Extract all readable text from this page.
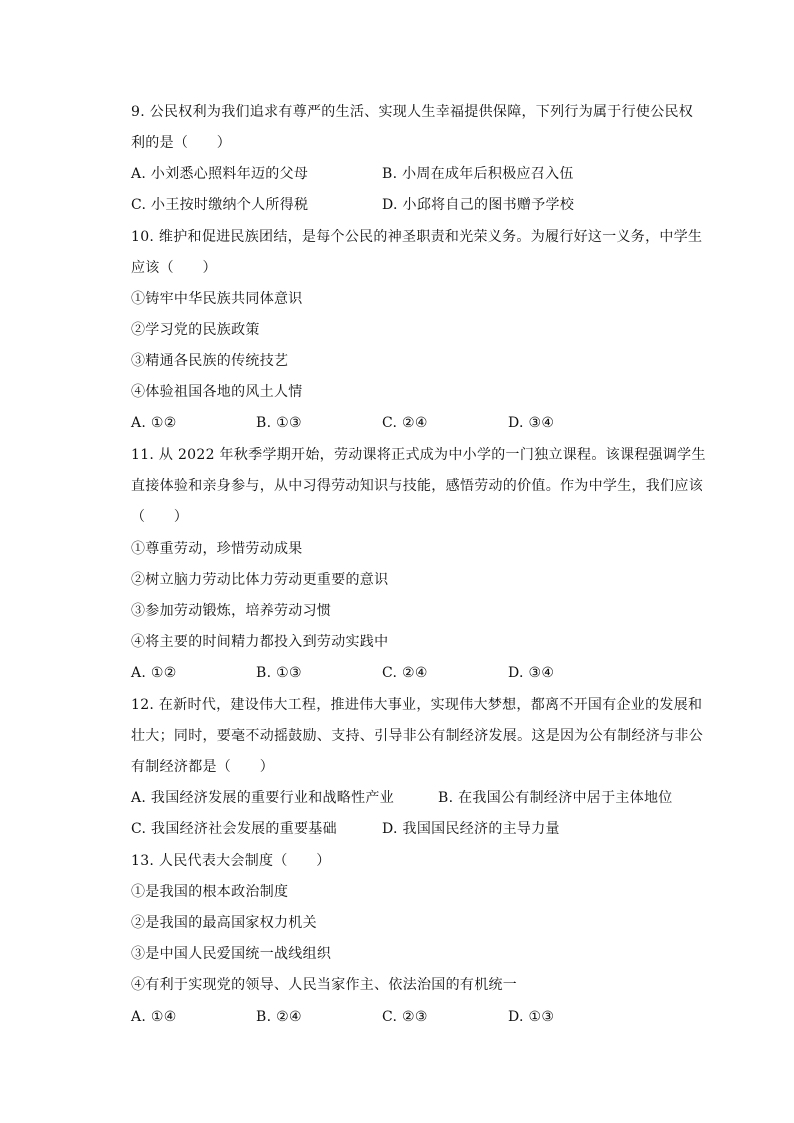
9. 公民权利为我们追求有尊严的生活、实现人生幸福提供保障，下列行为属于行使公民权
利的是（　　）
A. 小刘悉心照料年迈的父母	B. 小周在成年后积极应召入伍
C. 小王按时缴纳个人所得税	D. 小邱将自己的图书赠予学校
10. 维护和促进民族团结，是每个公民的神圣职责和光荣义务。为履行好这一义务，中学生
应该（　　）
①铸牢中华民族共同体意识
②学习党的民族政策
③精通各民族的传统技艺
④体验祖国各地的风土人情
A. ①②	B. ①③	C. ②④	D. ③④
11. 从 2022 年秋季学期开始，劳动课将正式成为中小学的一门独立课程。该课程强调学生
直接体验和亲身参与，从中习得劳动知识与技能，感悟劳动的价值。作为中学生，我们应该
（　　）
①尊重劳动，珍惜劳动成果
②树立脑力劳动比体力劳动更重要的意识
③参加劳动锻炼，培养劳动习惯
④将主要的时间精力都投入到劳动实践中
A. ①②	B. ①③	C. ②④	D. ③④
12. 在新时代，建设伟大工程，推进伟大事业，实现伟大梦想，都离不开国有企业的发展和
壮大；同时，要毫不动摇鼓励、支持、引导非公有制经济发展。这是因为公有制经济与非公
有制经济都是（　　）
A. 我国经济发展的重要行业和战略性产业	B. 在我国公有制经济中居于主体地位
C. 我国经济社会发展的重要基础	D. 我国国民经济的主导力量
13. 人民代表大会制度（　　）
①是我国的根本政治制度
②是我国的最高国家权力机关
③是中国人民爱国统一战线组织
④有利于实现党的领导、人民当家作主、依法治国的有机统一
A. ①④	B. ②④	C. ②③	D. ①③
